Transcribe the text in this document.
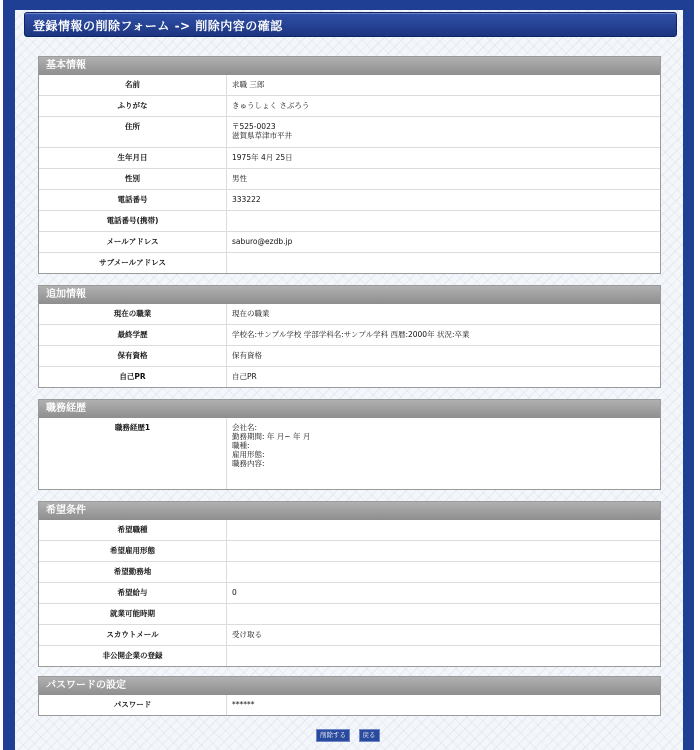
登録情報の削除フォーム -> 削除内容の確認
基本情報
名前	求職 三郎
ふりがな	きゅうしょく さぶろう
住所	〒525-0023
滋賀県草津市平井

生年月日	1975年 4月 25日
性別	男性
電話番号	333222
電話番号(携帯)	
メールアドレス	saburo@ezdb.jp
サブメールアドレス	
追加情報
現在の職業	現在の職業
最終学歴	学校名:サンプル学校 学部学科名:サンプル学科 西暦:2000年 状況:卒業
保有資格	保有資格
自己PR	自己PR
職務経歴
職務経歴1	会社名:
勤務期間: 年 月~ 年 月
職種:
雇用形態:
職務内容:
希望条件
希望職種	
希望雇用形態	
希望勤務地	
希望給与	0
就業可能時期	
スカウトメール	受け取る
非公開企業の登録	
パスワードの設定
パスワード	******
削除する	戻る
